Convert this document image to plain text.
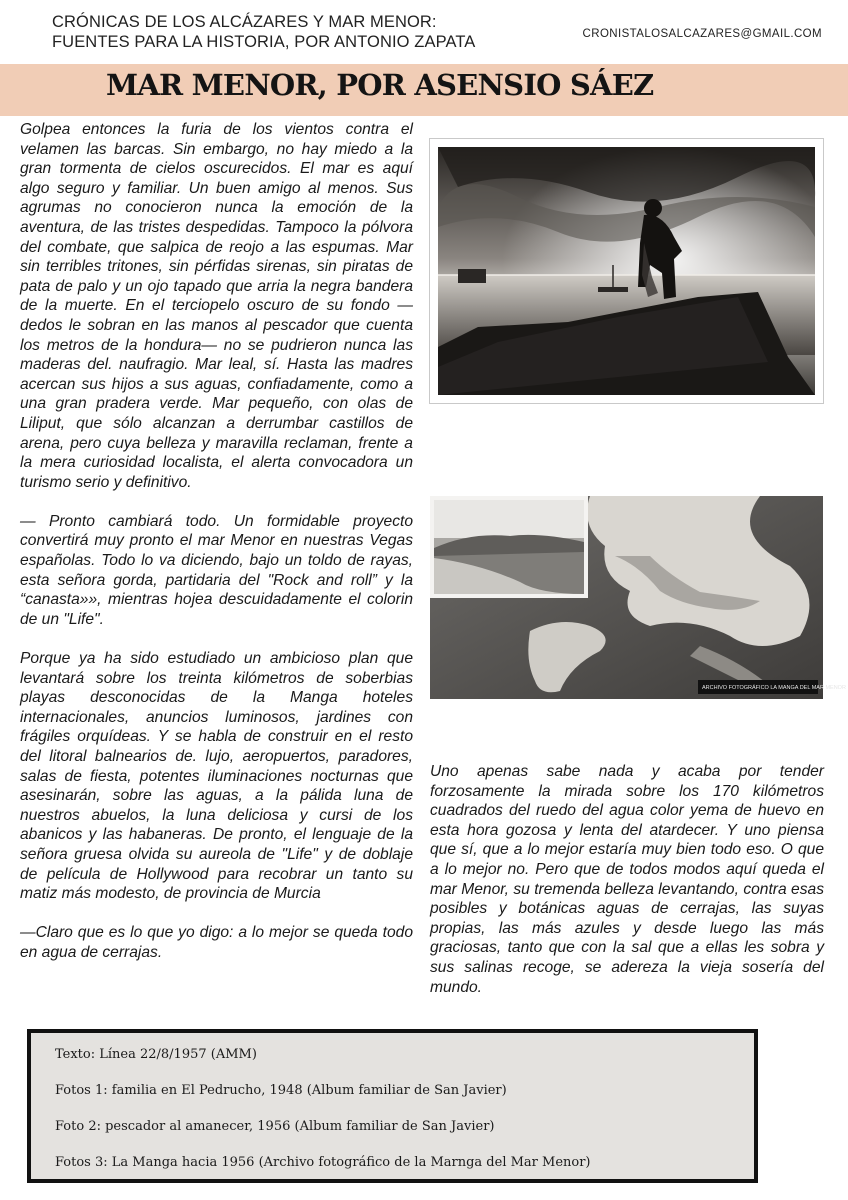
CRÓNICAS DE LOS ALCÁZARES Y MAR MENOR:
FUENTES PARA LA HISTORIA, POR ANTONIO ZAPATA	CRONISTALOSALCAZARES@GMAIL.COM
MAR MENOR, POR ASENSIO SÁEZ

Golpea entonces la furia de los vientos contra el velamen las barcas. Sin embargo, no hay miedo a la gran tormenta de cielos oscurecidos. El mar es aquí algo seguro y familiar. Un buen amigo al menos. Sus agrumas no conocieron nunca la emoción de la aventura, de las tristes despedidas. Tampoco la pólvora del combate, que salpica de reojo a las espumas. Mar sin terribles tritones, sin pérfidas sirenas, sin piratas de pata de palo y un ojo tapado que arria la negra bandera de la muerte. En el terciopelo oscuro de su fondo —dedos le sobran en las manos al pescador que cuenta los metros de la hondura— no se pudrieron nunca las maderas del. naufragio. Mar leal, sí. Hasta las madres acercan sus hijos a sus aguas, confiadamente, como a una gran pradera verde. Mar pequeño, con olas de Liliput, que sólo alcanzan a derrumbar castillos de arena, pero cuya belleza y maravilla reclaman, frente a la mera curiosidad localista, el alerta convocadora un turismo serio y definitivo.

— Pronto cambiará todo. Un formidable proyecto convertirá muy pronto el mar Menor en nuestras Vegas españolas. Todo lo va diciendo, bajo un toldo de rayas, esta señora gorda, partidaria del "Rock and roll” y la “canasta»», mientras hojea descuidadamente el colorin de un "Life".

Porque ya ha sido estudiado un ambicioso plan que levantará sobre los treinta kilómetros de soberbias playas desconocidas de la Manga hoteles internacionales, anuncios luminosos, jardines con frágiles orquídeas. Y se habla de construir en el resto del litoral balnearios de. lujo, aeropuertos, paradores, salas de fiesta, potentes iluminaciones nocturnas que asesinarán, sobre las aguas, a la pálida luna de nuestros abuelos, la luna deliciosa y cursi de los abanicos y las habaneras. De pronto, el lenguaje de la señora gruesa olvida su aureola de "Life" y de doblaje de película de Hollywood para recobrar un tanto su matiz más modesto, de provincia de Murcia

—Claro que es lo que yo digo: a lo mejor se queda todo en agua de cerrajas.

ARCHIVO FOTOGRÁFICO LA MANGA DEL MAR MENOR

Uno apenas sabe nada y acaba por tender forzosamente la mirada sobre los 170 kilómetros cuadrados del ruedo del agua color yema de huevo en esta hora gozosa y lenta del atardecer. Y uno piensa que sí, que a lo mejor estaría muy bien todo eso. O que a lo mejor no. Pero que de todos modos aquí queda el mar Menor, su tremenda belleza levantando, contra esas posibles y botánicas aguas de cerrajas, las suyas propias, las más azules y desde luego las más graciosas, tanto que con la sal que a ellas les sobra y sus salinas recoge, se adereza la vieja sosería del mundo.

Texto: Línea 22/8/1957 (AMM)
Fotos 1: familia en El Pedrucho, 1948 (Album familiar de San Javier)
Foto 2: pescador al amanecer, 1956 (Album familiar de San Javier)
Fotos 3: La Manga hacia 1956 (Archivo fotográfico de la Marnga del Mar Menor)
